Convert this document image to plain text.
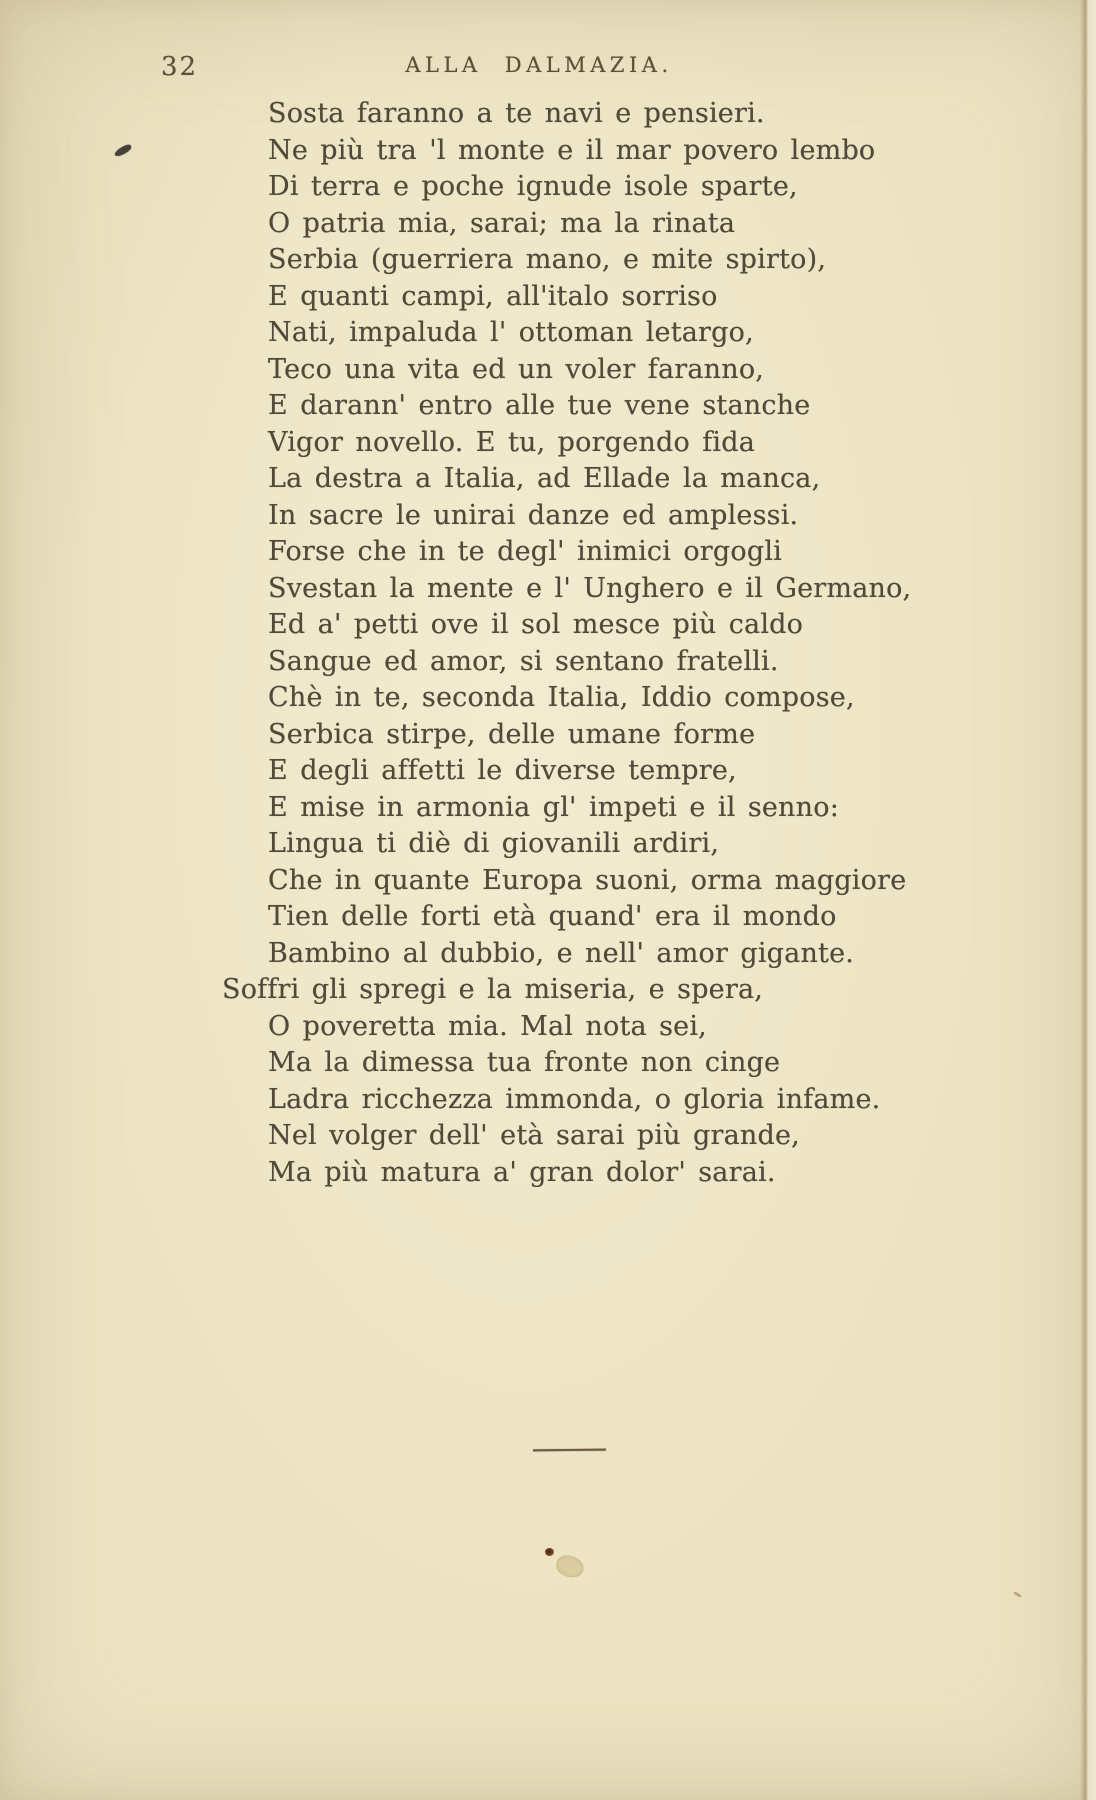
32	ALLA DALMAZIA.
Sosta faranno a te navi e pensieri.
Ne più tra 'l monte e il mar povero lembo
Di terra e poche ignude isole sparte,
O patria mia, sarai; ma la rinata
Serbia (guerriera mano, e mite spirto),
E quanti campi, all'italo sorriso
Nati, impaluda l' ottoman letargo,
Teco una vita ed un voler faranno,
E darann' entro alle tue vene stanche
Vigor novello. E tu, porgendo fida
La destra a Italia, ad Ellade la manca,
In sacre le unirai danze ed amplessi.
Forse che in te degl' inimici orgogli
Svestan la mente e l' Unghero e il Germano,
Ed a' petti ove il sol mesce più caldo
Sangue ed amor, si sentano fratelli.
Chè in te, seconda Italia, Iddio compose,
Serbica stirpe, delle umane forme
E degli affetti le diverse tempre,
E mise in armonia gl' impeti e il senno:
Lingua ti diè di giovanili ardiri,
Che in quante Europa suoni, orma maggiore
Tien delle forti età quand' era il mondo
Bambino al dubbio, e nell' amor gigante.
Soffri gli spregi e la miseria, e spera,
O poveretta mia. Mal nota sei,
Ma la dimessa tua fronte non cinge
Ladra ricchezza immonda, o gloria infame.
Nel volger dell' età sarai più grande,
Ma più matura a' gran dolor' sarai.
